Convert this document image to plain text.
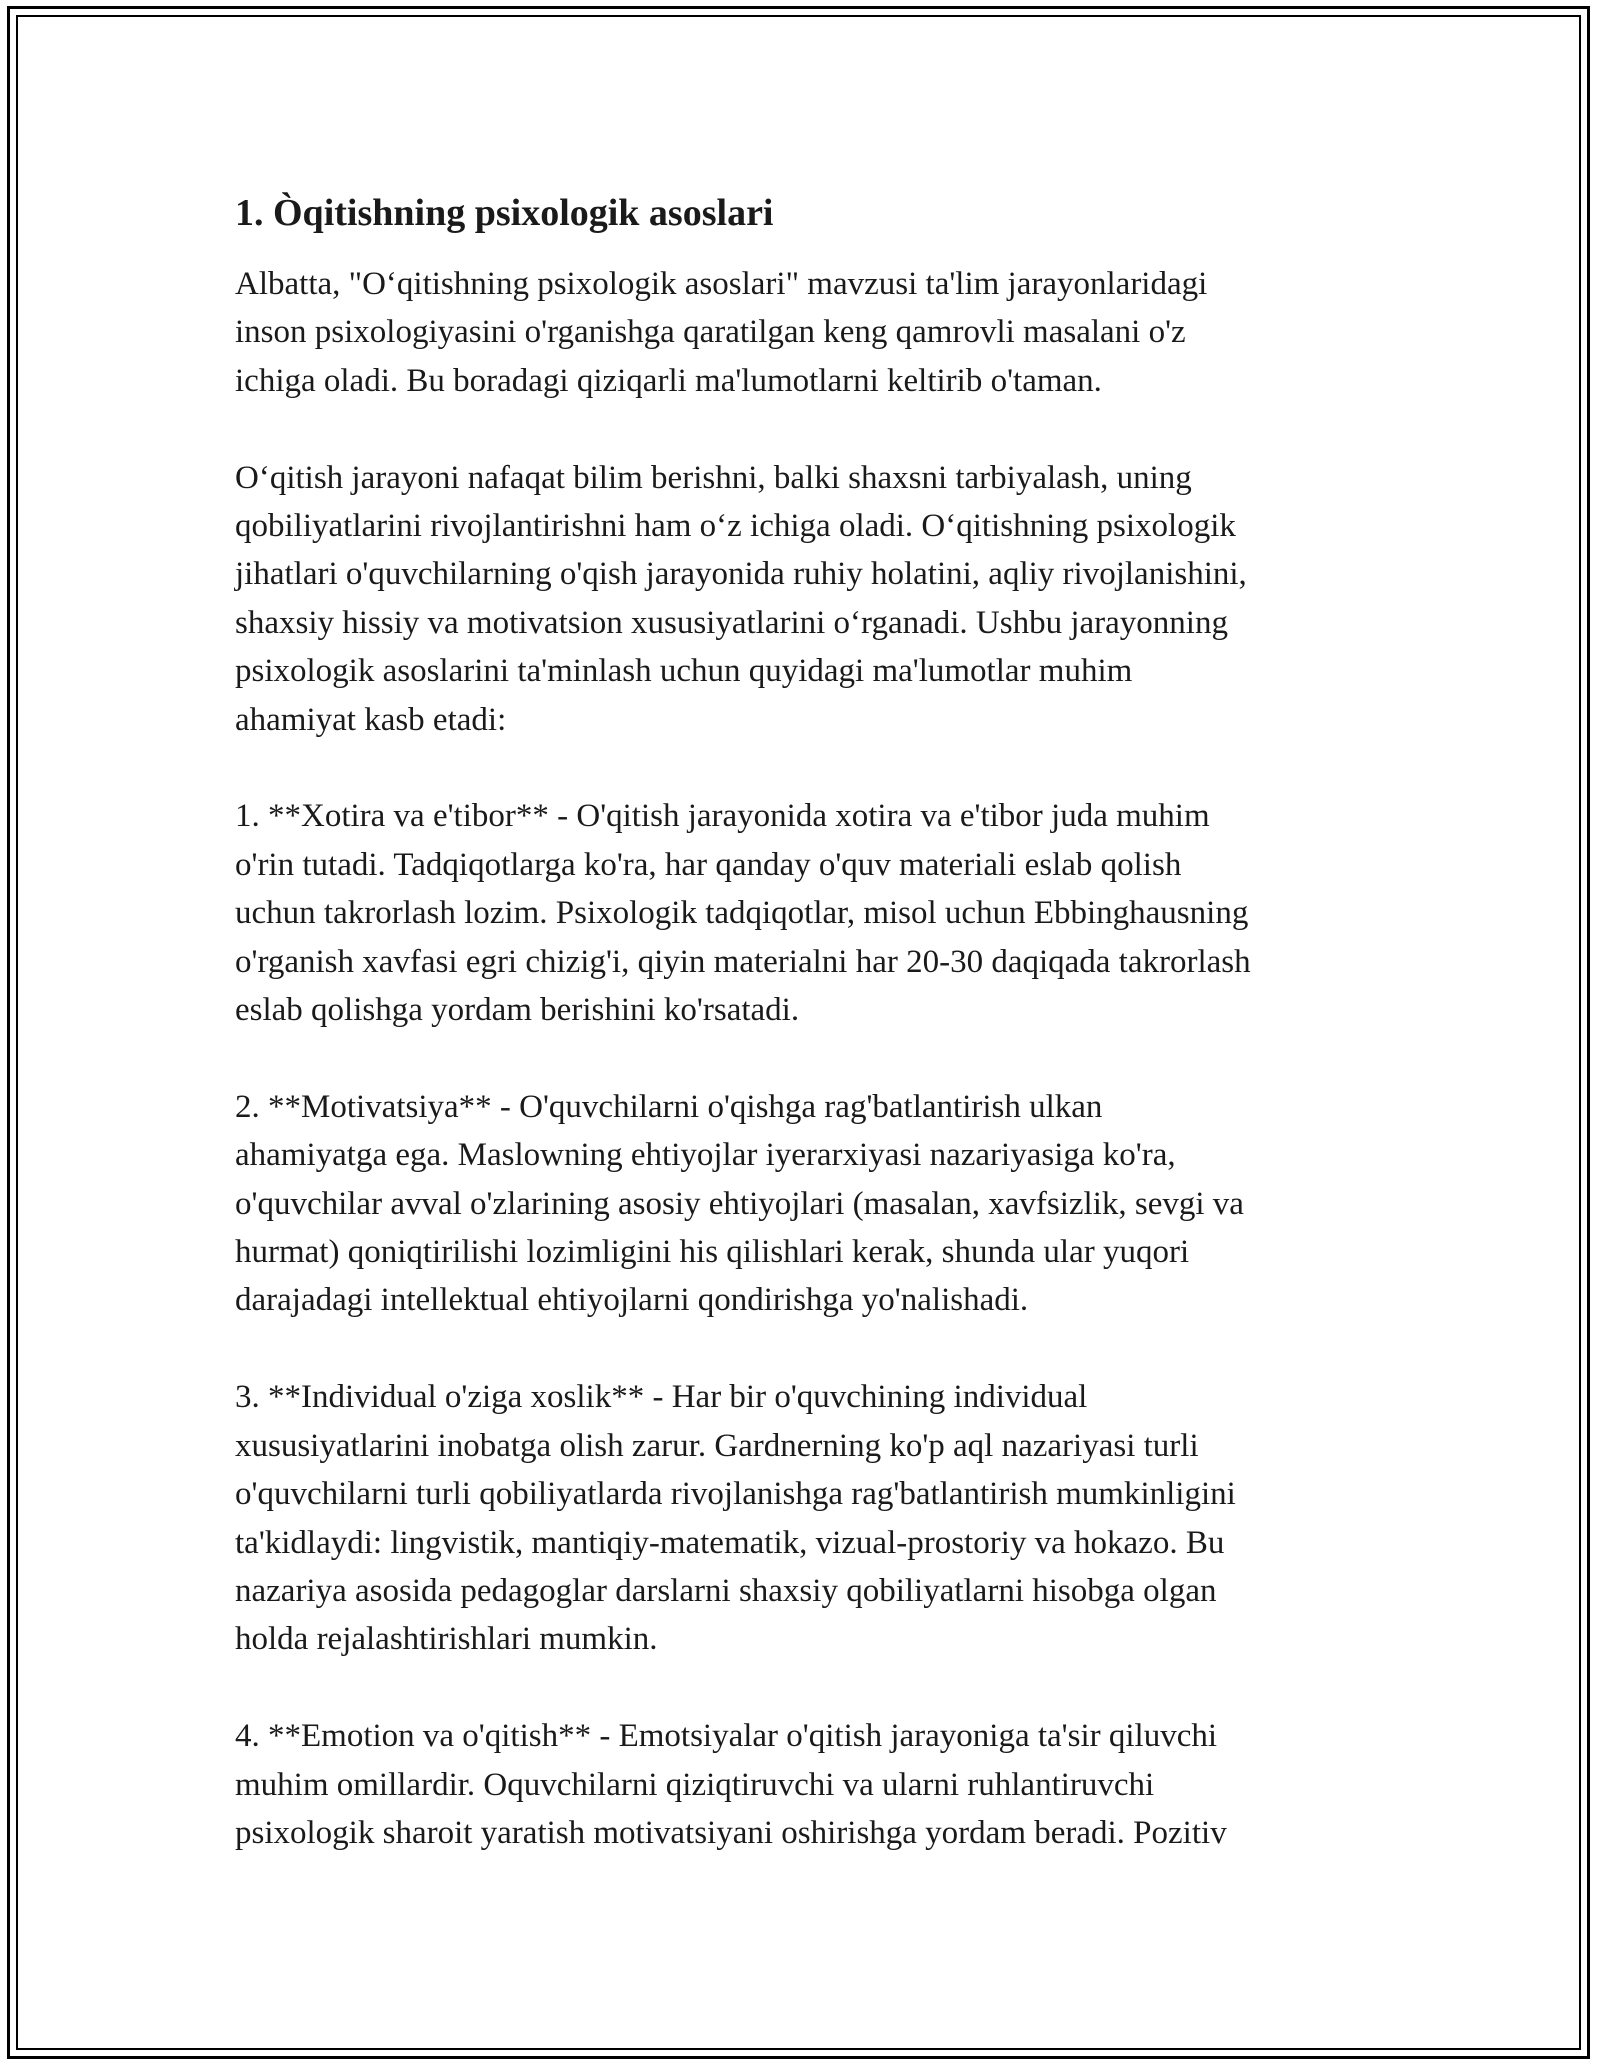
1. Òqitishning psixologik asoslari

Albatta, "O‘qitishning psixologik asoslari" mavzusi ta'lim jarayonlaridagi
inson psixologiyasini o'rganishga qaratilgan keng qamrovli masalani o'z
ichiga oladi. Bu boradagi qiziqarli ma'lumotlarni keltirib o'taman.

O‘qitish jarayoni nafaqat bilim berishni, balki shaxsni tarbiyalash, uning
qobiliyatlarini rivojlantirishni ham o‘z ichiga oladi. O‘qitishning psixologik
jihatlari o'quvchilarning o'qish jarayonida ruhiy holatini, aqliy rivojlanishini,
shaxsiy hissiy va motivatsion xususiyatlarini o‘rganadi. Ushbu jarayonning
psixologik asoslarini ta'minlash uchun quyidagi ma'lumotlar muhim
ahamiyat kasb etadi:

1. **Xotira va e'tibor** - O'qitish jarayonida xotira va e'tibor juda muhim
o'rin tutadi. Tadqiqotlarga ko'ra, har qanday o'quv materiali eslab qolish
uchun takrorlash lozim. Psixologik tadqiqotlar, misol uchun Ebbinghausning
o'rganish xavfasi egri chizig'i, qiyin materialni har 20-30 daqiqada takrorlash
eslab qolishga yordam berishini ko'rsatadi.

2. **Motivatsiya** - O'quvchilarni o'qishga rag'batlantirish ulkan
ahamiyatga ega. Maslowning ehtiyojlar iyerarxiyasi nazariyasiga ko'ra,
o'quvchilar avval o'zlarining asosiy ehtiyojlari (masalan, xavfsizlik, sevgi va
hurmat) qoniqtirilishi lozimligini his qilishlari kerak, shunda ular yuqori
darajadagi intellektual ehtiyojlarni qondirishga yo'nalishadi.

3. **Individual o'ziga xoslik** - Har bir o'quvchining individual
xususiyatlarini inobatga olish zarur. Gardnerning ko'p aql nazariyasi turli
o'quvchilarni turli qobiliyatlarda rivojlanishga rag'batlantirish mumkinligini
ta'kidlaydi: lingvistik, mantiqiy-matematik, vizual-prostoriy va hokazo. Bu
nazariya asosida pedagoglar darslarni shaxsiy qobiliyatlarni hisobga olgan
holda rejalashtirishlari mumkin.

4. **Emotion va o'qitish** - Emotsiyalar o'qitish jarayoniga ta'sir qiluvchi
muhim omillardir. Oquvchilarni qiziqtiruvchi va ularni ruhlantiruvchi
psixologik sharoit yaratish motivatsiyani oshirishga yordam beradi. Pozitiv
